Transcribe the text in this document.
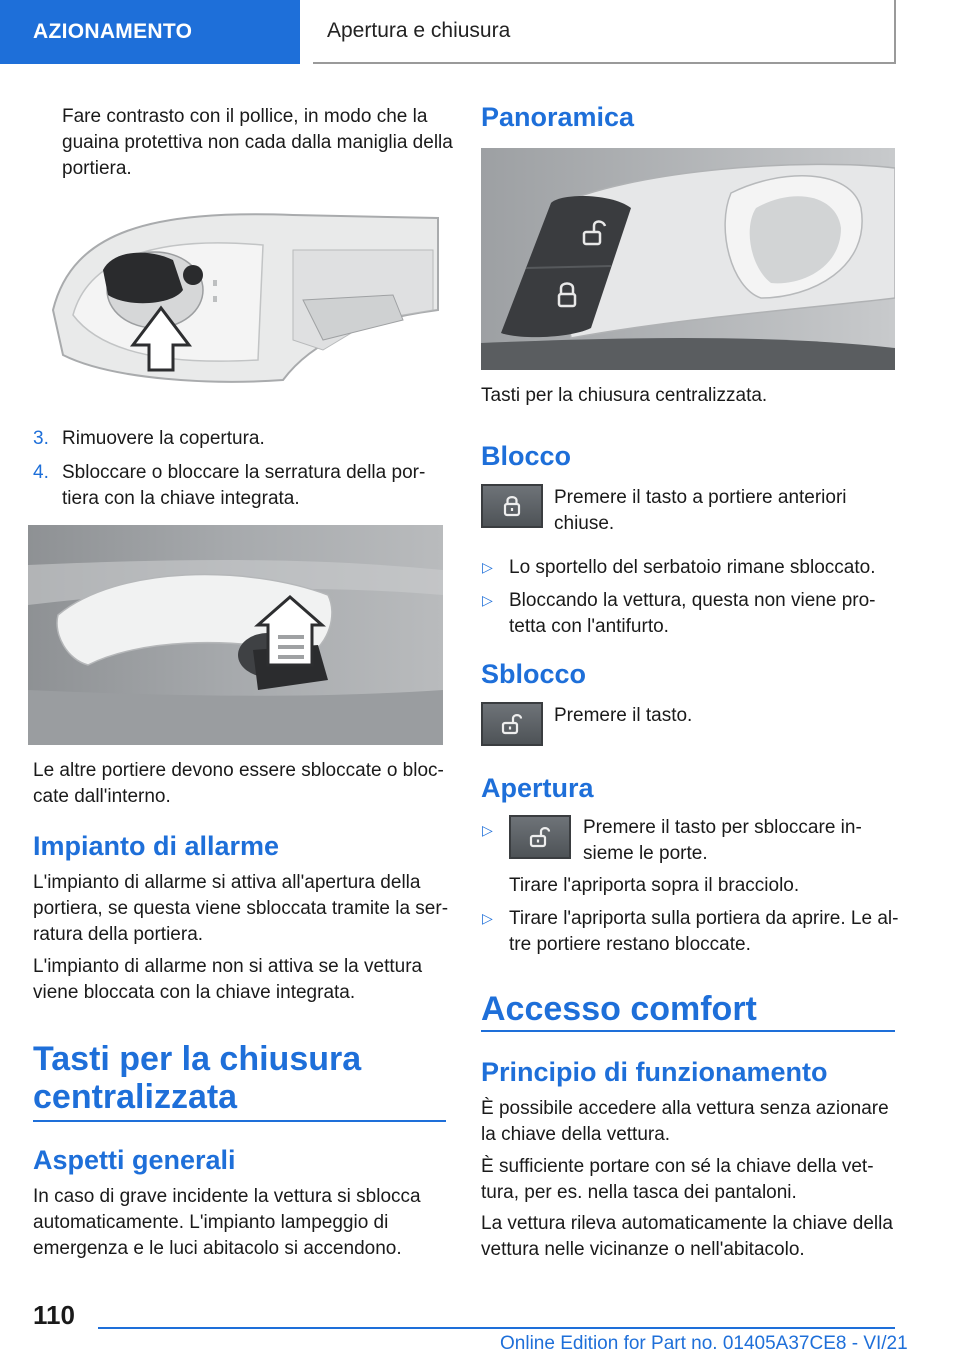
AZIONAMENTO	Apertura e chiusura

Fare contrasto con il pollice, in modo che la

guaina protettiva non cada dalla maniglia della

portiera.

3. Rimuovere la copertura.

4. Sbloccare o bloccare la serratura della por-

tiera con la chiave integrata.

Le altre portiere devono essere sbloccate o bloc-

cate dall'interno.

Impianto di allarme

L'impianto di allarme si attiva all'apertura della

portiera, se questa viene sbloccata tramite la ser-

ratura della portiera.

L'impianto di allarme non si attiva se la vettura

viene bloccata con la chiave integrata.

Tasti per la chiusura
centralizzata
Aspetti generali

In caso di grave incidente la vettura si sblocca

automaticamente. L'impianto lampeggio di

emergenza e le luci abitacolo si accendono.

Panoramica

Tasti per la chiusura centralizzata.

Blocco

Premere il tasto a portiere anteriori

chiuse.

▷ Lo sportello del serbatoio rimane sbloccato.

▷ Bloccando la vettura, questa non viene pro-

tetta con l'antifurto.

Sblocco

Premere il tasto.

Apertura
▷	Premere il tasto per sbloccare in-

sieme le porte.

Tirare l'apriporta sopra il bracciolo.

▷ Tirare l'apriporta sulla portiera da aprire. Le al-

tre portiere restano bloccate.

Accesso comfort
Principio di funzionamento

È possibile accedere alla vettura senza azionare

la chiave della vettura.

È sufficiente portare con sé la chiave della vet-

tura, per es. nella tasca dei pantaloni.

La vettura rileva automaticamente la chiave della

vettura nelle vicinanze o nell'abitacolo.

110
Online Edition for Part no. 01405A37CE8 - VI/21
